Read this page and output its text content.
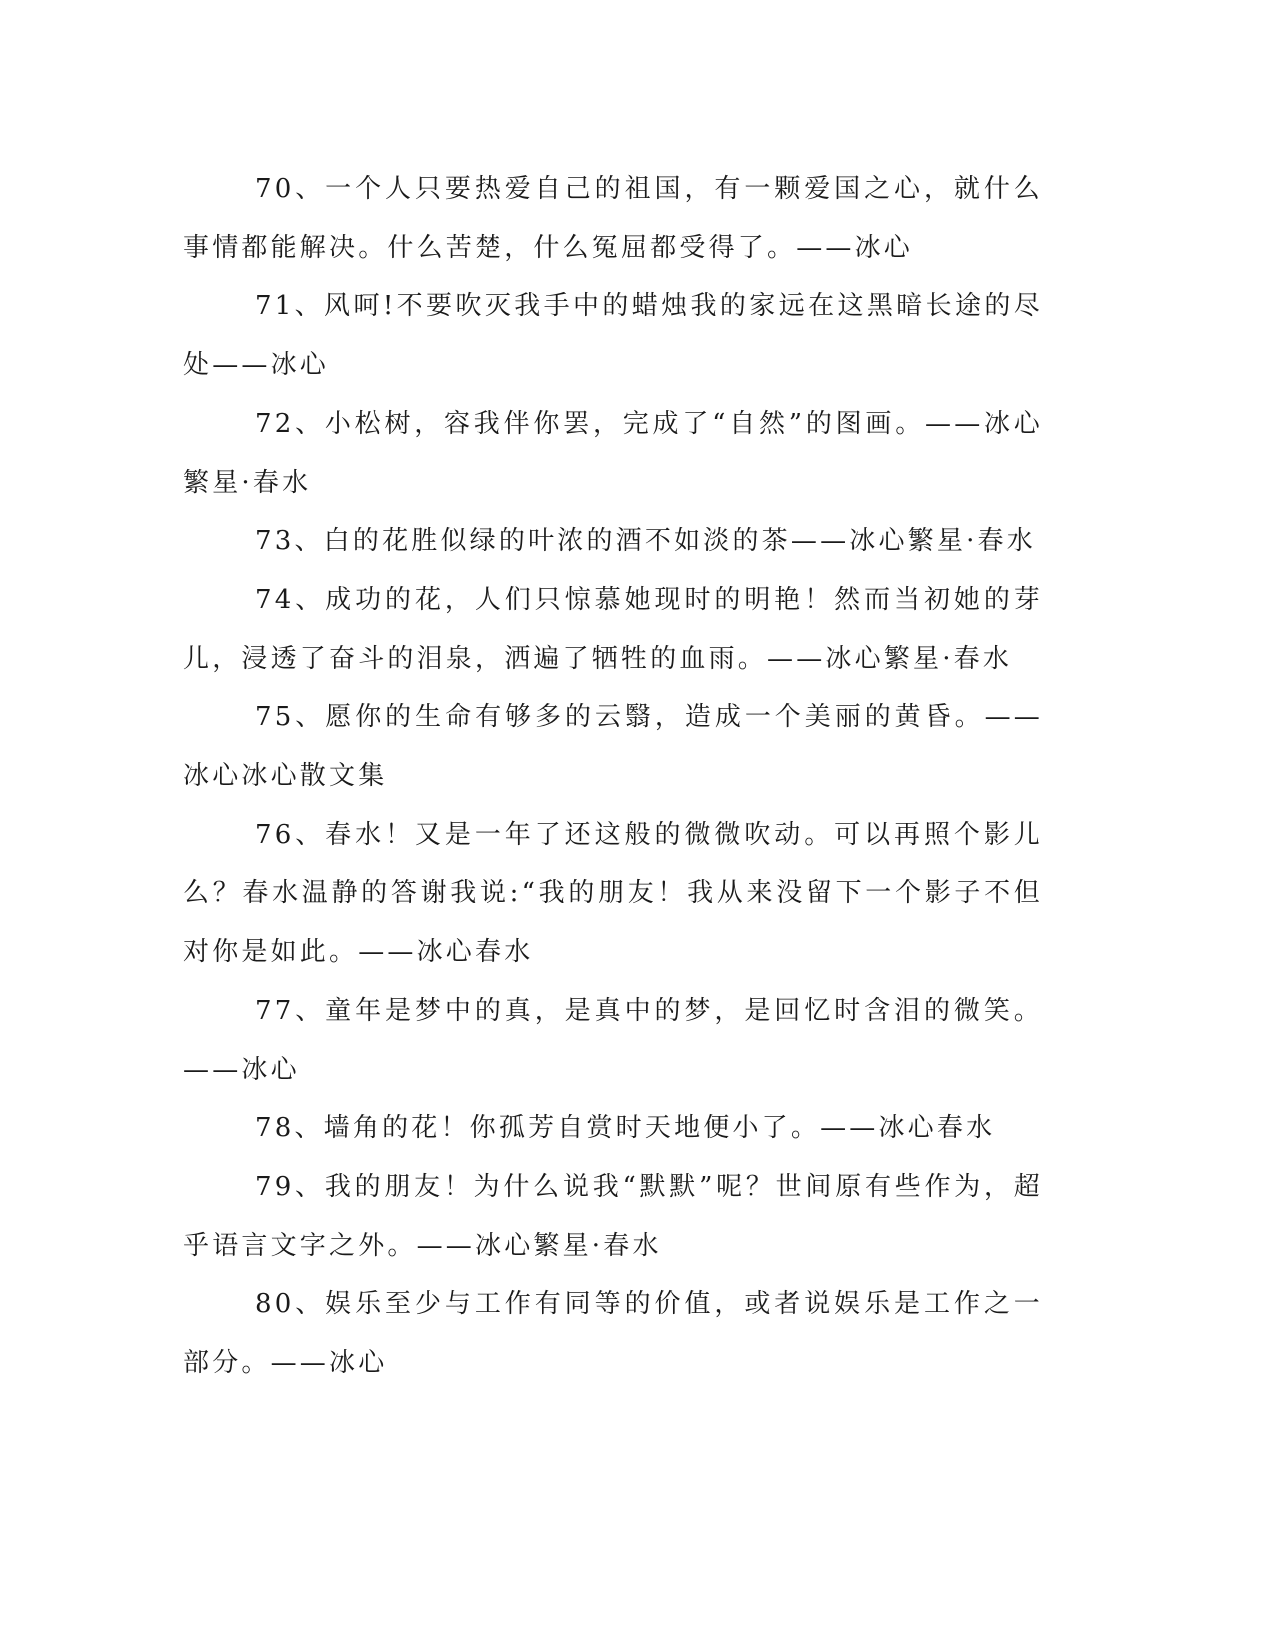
70、一个人只要热爱自己的祖国，有一颗爱国之心，就什么事情都能解决。什么苦楚，什么冤屈都受得了。——冰心

71、风呵!不要吹灭我手中的蜡烛我的家远在这黑暗长途的尽处——冰心

72、小松树，容我伴你罢，完成了“自然”的图画。——冰心繁星·春水

73、白的花胜似绿的叶浓的酒不如淡的茶——冰心繁星·春水

74、成功的花，人们只惊慕她现时的明艳！然而当初她的芽儿，浸透了奋斗的泪泉，洒遍了牺牲的血雨。——冰心繁星·春水

75、愿你的生命有够多的云翳，造成一个美丽的黄昏。——冰心冰心散文集

76、春水！又是一年了还这般的微微吹动。可以再照个影儿么？春水温静的答谢我说:“我的朋友！我从来没留下一个影子不但对你是如此。——冰心春水

77、童年是梦中的真，是真中的梦，是回忆时含泪的微笑。——冰心

78、墙角的花！你孤芳自赏时天地便小了。——冰心春水

79、我的朋友！为什么说我“默默”呢？世间原有些作为，超乎语言文字之外。——冰心繁星·春水

80、娱乐至少与工作有同等的价值，或者说娱乐是工作之一部分。——冰心
